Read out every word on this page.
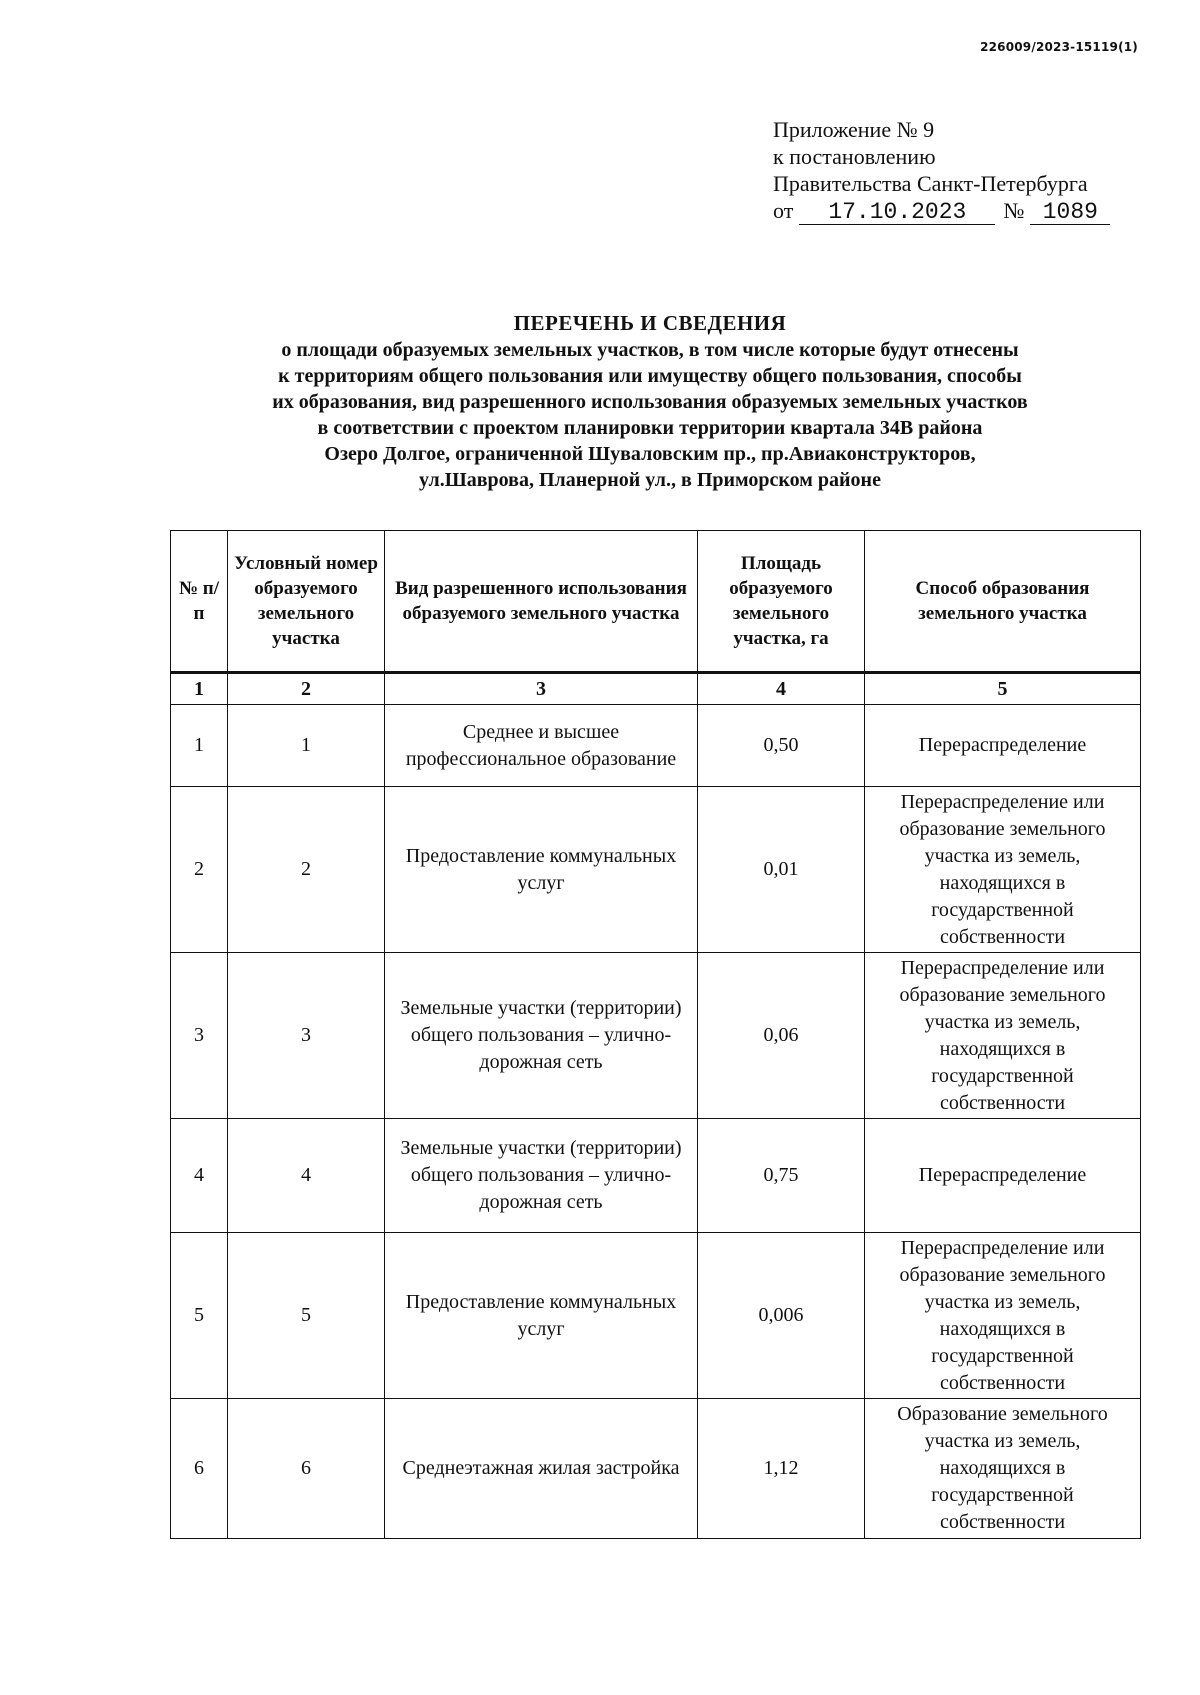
226009/2023-15119(1)
Приложение № 9
к постановлению
Правительства Санкт-Петербурга
от 17.10.2023 № 1089
ПЕРЕЧЕНЬ И СВЕДЕНИЯ
о площади образуемых земельных участков, в том числе которые будут отнесены
к территориям общего пользования или имуществу общего пользования, способы
их образования, вид разрешенного использования образуемых земельных участков
в соответствии с проектом планировки территории квартала 34В района
Озеро Долгое, ограниченной Шуваловским пр., пр.Авиаконструкторов,
ул.Шаврова, Планерной ул., в Приморском районе
№ п/п	Условный номер образуемого земельного участка	Вид разрешенного использования образуемого земельного участка	Площадь образуемого земельного участка, га	Способ образования земельного участка
1	2	3	4	5
1	1	Среднее и высшее профессиональное образование	0,50	Перераспределение
2	2	Предоставление коммунальных услуг	0,01	Перераспределение или образование земельного участка из земель, находящихся в государственной собственности
3	3	Земельные участки (территории) общего пользования – улично-дорожная сеть	0,06	Перераспределение или образование земельного участка из земель, находящихся в государственной собственности
4	4	Земельные участки (территории) общего пользования – улично-дорожная сеть	0,75	Перераспределение
5	5	Предоставление коммунальных услуг	0,006	Перераспределение или образование земельного участка из земель, находящихся в государственной собственности
6	6	Среднеэтажная жилая застройка	1,12	Образование земельного участка из земель, находящихся в государственной собственности
